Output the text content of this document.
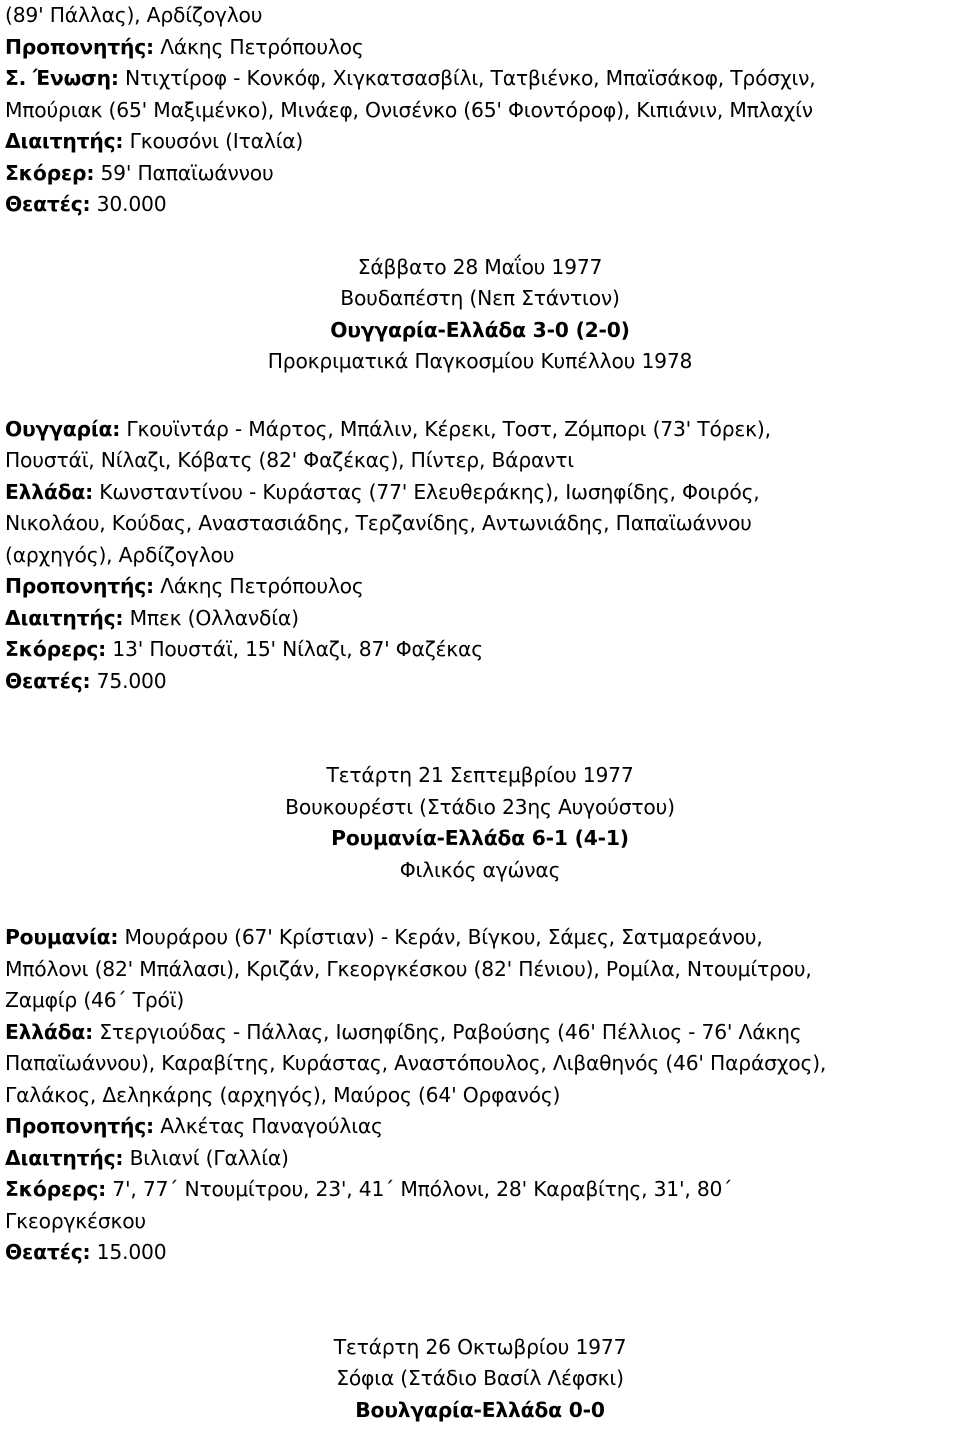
(89' Πάλλας), Αρδίζογλου
Προπονητής: Λάκης Πετρόπουλος
Σ. Ένωση: Ντιχτίροφ - Κονκόφ, Χιγκατσασβίλι, Τατβιένκο, Μπαϊσάκοφ, Τρόσχιν,
Μπούριακ (65' Μαξιμένκο), Μινάεφ, Ονισένκο (65' Φιοντόροφ), Κιπιάνιν, Μπλαχίν
Διαιτητής: Γκουσόνι (Ιταλία)
Σκόρερ: 59' Παπαϊωάννου
Θεατές: 30.000
Σάββατο 28 Μαΐου 1977
Βουδαπέστη (Νεπ Στάντιον)
Ουγγαρία-Ελλάδα 3-0 (2-0)
Προκριματικά Παγκοσμίου Κυπέλλου 1978
Ουγγαρία: Γκουϊντάρ - Μάρτος, Μπάλιν, Κέρεκι, Τοστ, Ζόμπορι (73' Τόρεκ),
Πουστάϊ, Νίλαζι, Κόβατς (82' Φαζέκας), Πίντερ, Βάραντι
Ελλάδα: Κωνσταντίνου - Κυράστας (77' Ελευθεράκης), Ιωσηφίδης, Φοιρός,
Νικολάου, Κούδας, Αναστασιάδης, Τερζανίδης, Αντωνιάδης, Παπαϊωάννου
(αρχηγός), Αρδίζογλου
Προπονητής: Λάκης Πετρόπουλος
Διαιτητής: Μπεκ (Ολλανδία)
Σκόρερς: 13' Πουστάϊ, 15' Νίλαζι, 87' Φαζέκας
Θεατές: 75.000
Τετάρτη 21 Σεπτεμβρίου 1977
Βουκουρέστι (Στάδιο 23ης Αυγούστου)
Ρουμανία-Ελλάδα 6-1 (4-1)
Φιλικός αγώνας
Ρουμανία: Μουράρου (67' Κρίστιαν) - Κεράν, Βίγκου, Σάμες, Σατμαρεάνου,
Μπόλονι (82' Μπάλασι), Κριζάν, Γκεοργκέσκου (82' Πένιου), Ρομίλα, Ντουμίτρου,
Ζαμφίρ (46΄ Τρόϊ)
Ελλάδα: Στεργιούδας - Πάλλας, Ιωσηφίδης, Ραβούσης (46' Πέλλιος - 76' Λάκης
Παπαϊωάννου), Καραβίτης, Κυράστας, Αναστόπουλος, Λιβαθηνός (46' Παράσχος),
Γαλάκος, Δεληκάρης (αρχηγός), Μαύρος (64' Ορφανός)
Προπονητής: Αλκέτας Παναγούλιας
Διαιτητής: Βιλιανί (Γαλλία)
Σκόρερς: 7', 77΄ Ντουμίτρου, 23', 41΄ Μπόλονι, 28' Καραβίτης, 31', 80΄
Γκεοργκέσκου
Θεατές: 15.000
Τετάρτη 26 Οκτωβρίου 1977
Σόφια (Στάδιο Βασίλ Λέφσκι)
Βουλγαρία-Ελλάδα 0-0
